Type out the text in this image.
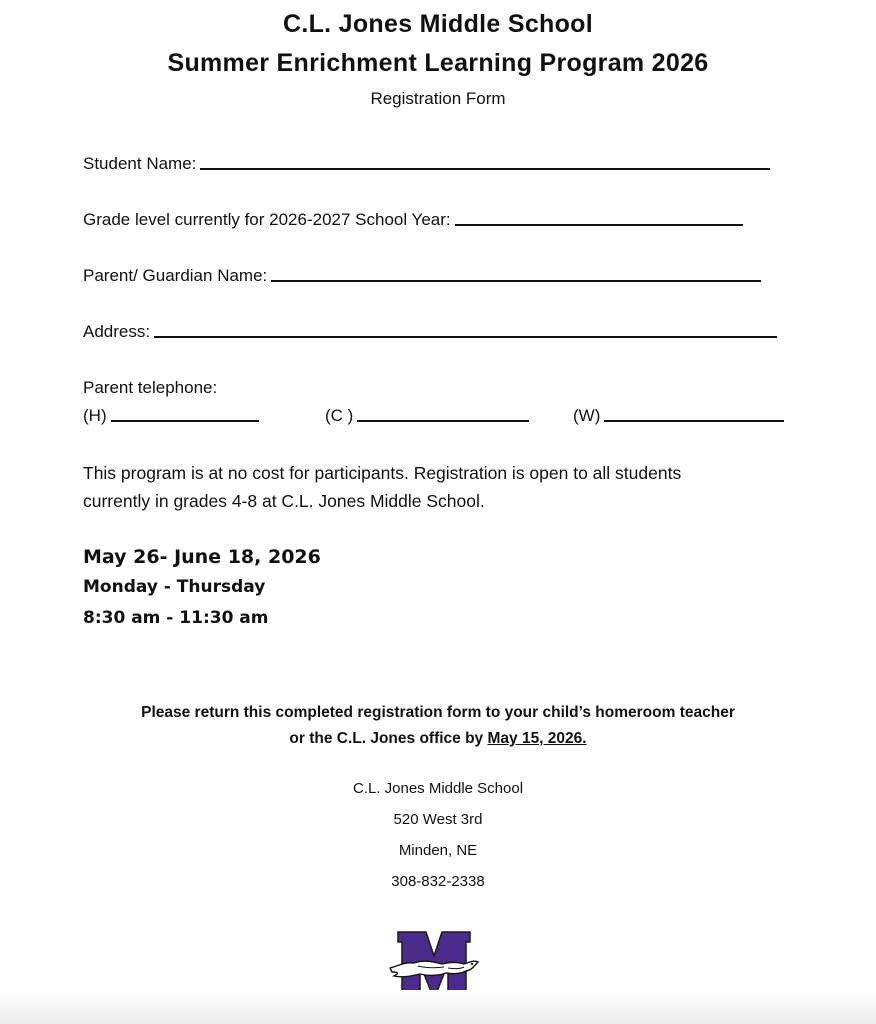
C.L. Jones Middle School
Summer Enrichment Learning Program 2026
Registration Form
Student Name:
Grade level currently for 2026-2027 School Year:
Parent/ Guardian Name:
Address:
Parent telephone:
(H)	(C )	(W)
This program is at no cost for participants. Registration is open to all students
currently in grades 4-8 at C.L. Jones Middle School.
May 26- June 18, 2026
Monday - Thursday
8:30 am - 11:30 am
Please return this completed registration form to your child’s homeroom teacher
or the C.L. Jones office by May 15, 2026.
C.L. Jones Middle School
520 West 3rd
Minden, NE
308-832-2338
